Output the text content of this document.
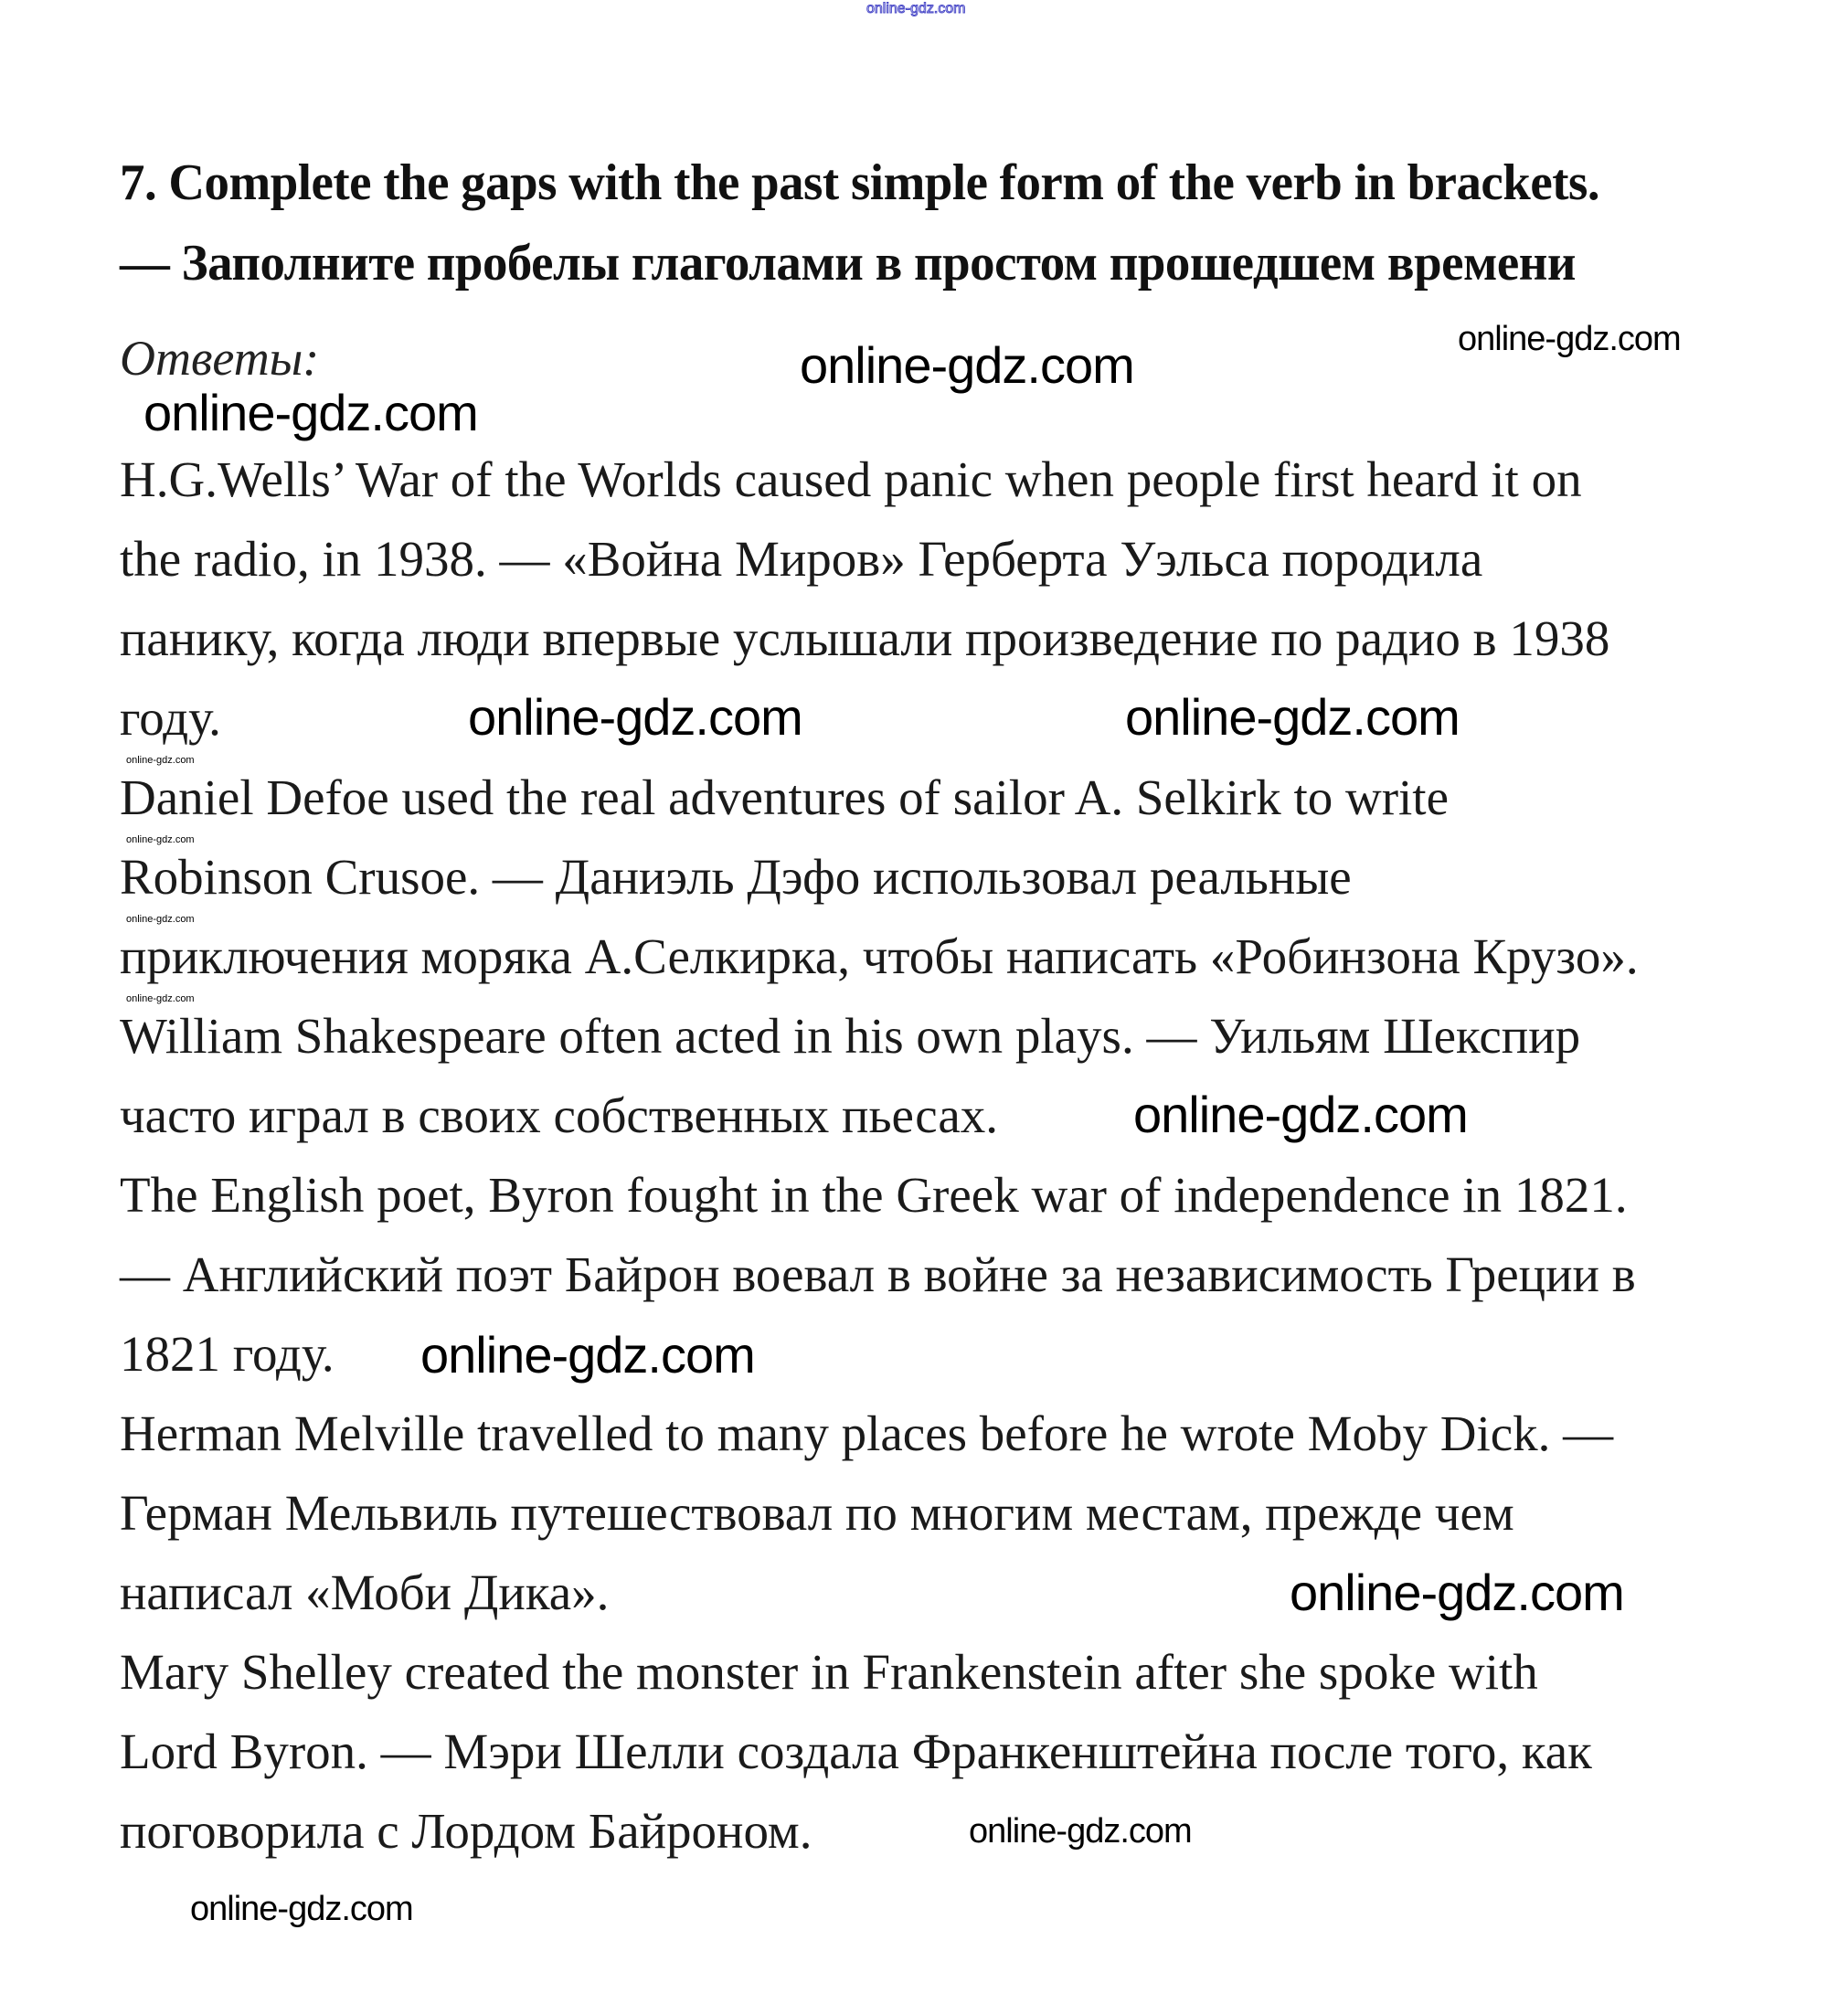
7. Complete the gaps with the past simple form of the verb in brackets.
— Заполните пробелы глаголами в простом прошедшем времени
Ответы:
H.G.Wells’ War of the Worlds caused panic when people first heard it on
the radio, in 1938. — «Война Миров» Герберта Уэльса породила
панику, когда люди впервые услышали произведение по радио в 1938
году.
Daniel Defoe used the real adventures of sailor A. Selkirk to write
Robinson Crusoe. — Даниэль Дэфо использовал реальные
приключения моряка А.Селкирка, чтобы написать «Робинзона Крузо».
William Shakespeare often acted in his own plays. — Уильям Шекспир
часто играл в своих собственных пьесах.
The English poet, Byron fought in the Greek war of independence in 1821.
— Английский поэт Байрон воевал в войне за независимость Греции в
1821 году.
Herman Melville travelled to many places before he wrote Moby Dick. —
Герман Мельвиль путешествовал по многим местам, прежде чем
написал «Моби Дика».
Mary Shelley created the monster in Frankenstein after she spoke with
Lord Byron. — Мэри Шелли создала Франкенштейна после того, как
поговорила с Лордом Байроном.
online-gdz.com
online-gdz.com	online-gdz.com
online-gdz.com
online-gdz.com
online-gdz.com
online-gdz.com
online-gdz.com
online-gdz.com
online-gdz.com
online-gdz.com
online-gdz.com
online-gdz.com
online-gdz.com
online-gdz.com
